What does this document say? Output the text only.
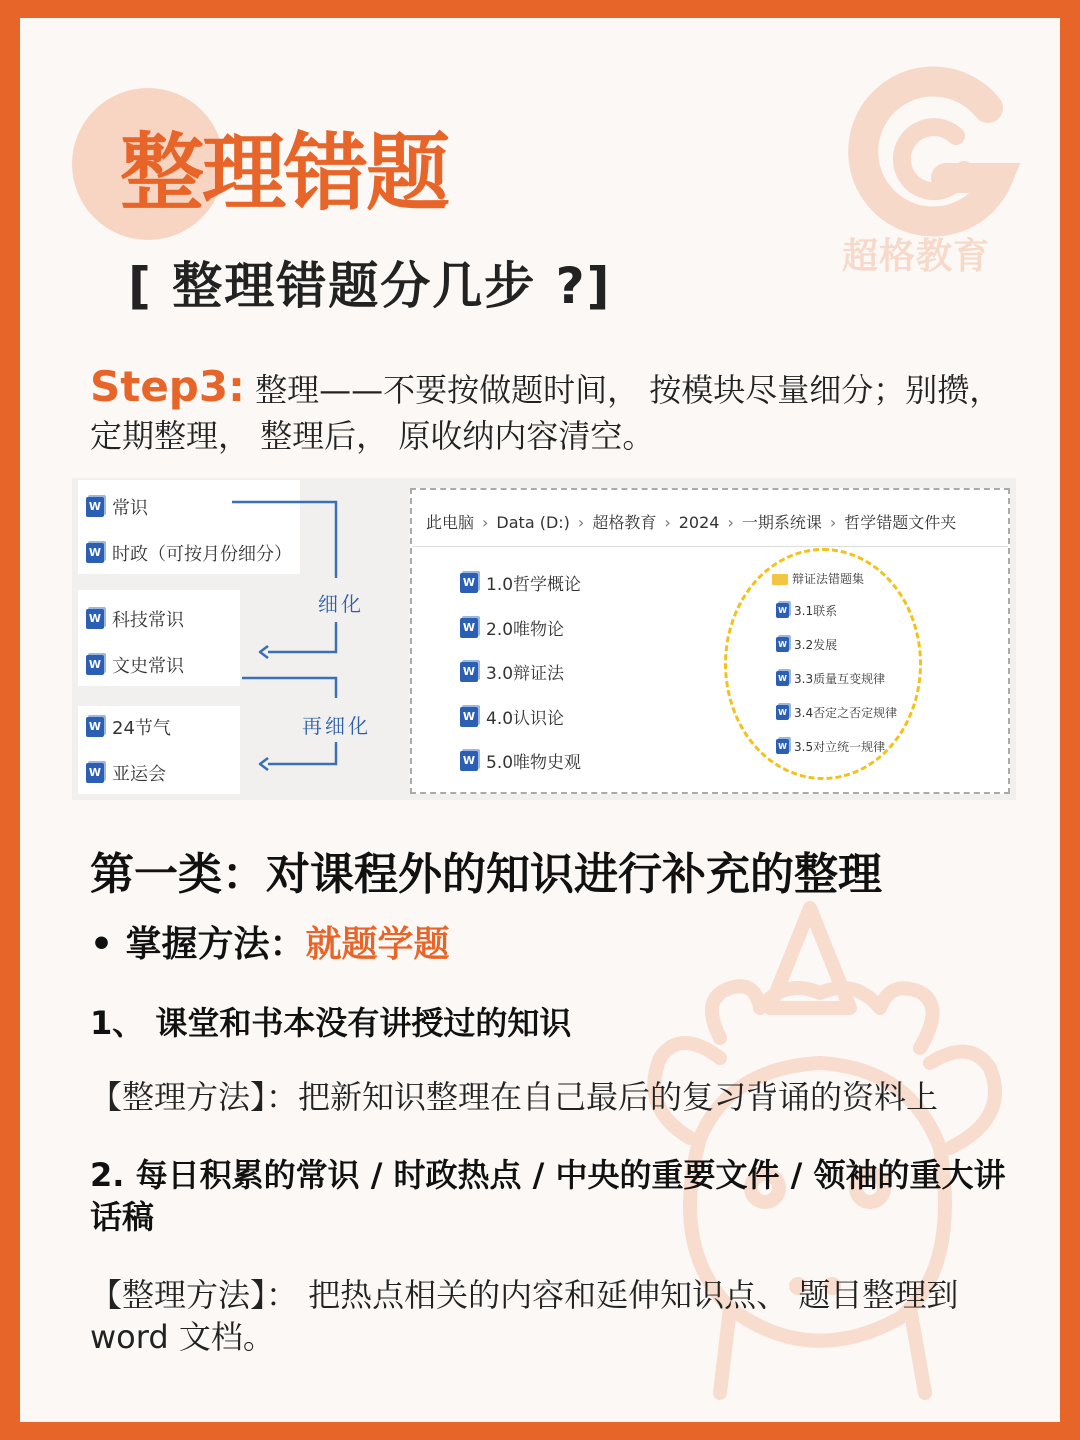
超格教育
整理错题
[ 整理错题分几步 ?]
Step3: 整理——不要按做题时间， 按模块尽量细分；别攒， 定期整理， 整理后， 原收纳内容清空。
W 常识
W 时政（可按月份细分）
W 科技常识
W 文史常识
W 24节气
W 亚运会
细化
再细化
此电脑 › Data (D:) › 超格教育 › 2024 › 一期系统课 › 哲学错题文件夹
W 1.0哲学概论
W 2.0唯物论
W 3.0辩证法
W 4.0认识论
W 5.0唯物史观
辩证法错题集
W 3.1联系
W 3.2发展
W 3.3质量互变规律
W 3.4否定之否定规律
W 3.5对立统一规律
第一类：对课程外的知识进行补充的整理
• 掌握方法：就题学题
1、 课堂和书本没有讲授过的知识
【整理方法】：把新知识整理在自己最后的复习背诵的资料上
2. 每日积累的常识 / 时政热点 / 中央的重要文件 / 领袖的重大讲话稿
【整理方法】： 把热点相关的内容和延伸知识点、 题目整理到 word 文档。
